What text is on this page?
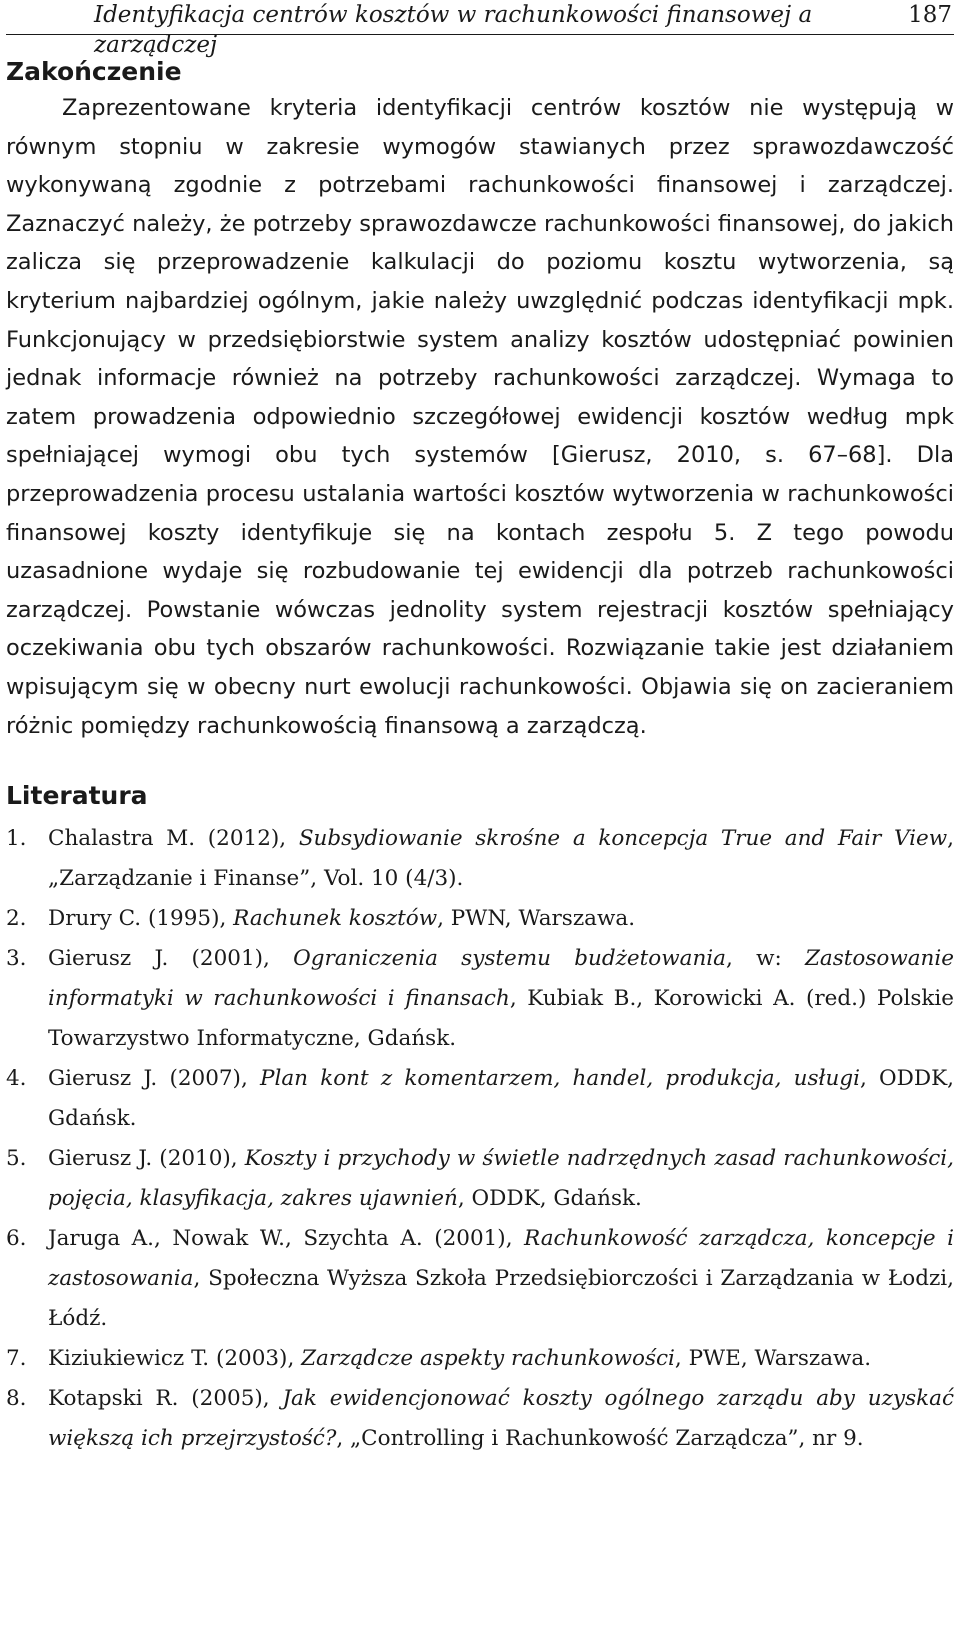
Identyfikacja centrów kosztów w rachunkowości finansowej a zarządczej
187
Zakończenie

Zaprezentowane kryteria identyfikacji centrów kosztów nie występują w równym stopniu w zakresie wymogów stawianych przez sprawozdawczość wykonywaną zgodnie z potrzebami rachunkowości finansowej i zarządczej. Zaznaczyć należy, że potrzeby sprawozdawcze rachunkowości finansowej, do jakich zalicza się przeprowadzenie kalkulacji do poziomu kosztu wytworzenia, są kryterium najbardziej ogólnym, jakie należy uwzględnić podczas identyfikacji mpk. Funkcjonujący w przedsiębiorstwie system analizy kosztów udostępniać powinien jednak informacje również na potrzeby rachunkowości zarządczej. Wymaga to zatem prowadzenia odpowiednio szczegółowej ewidencji kosztów według mpk spełniającej wymogi obu tych systemów [Gierusz, 2010, s. 67–68]. Dla przeprowadzenia procesu ustalania wartości kosztów wytworzenia w rachunkowości finansowej koszty identyfikuje się na kontach zespołu 5. Z tego powodu uzasadnione wydaje się rozbudowanie tej ewidencji dla potrzeb rachunkowości zarządczej. Powstanie wówczas jednolity system rejestracji kosztów spełniający oczekiwania obu tych obszarów rachunkowości. Rozwiązanie takie jest działaniem wpisującym się w obecny nurt ewolucji rachunkowości. Objawia się on zacieraniem różnic pomiędzy rachunkowością finansową a zarządczą.

Literatura
1. Chalastra M. (2012), Subsydiowanie skrośne a koncepcja True and Fair View, „Zarządzanie i Finanse”, Vol. 10 (4/3).
2. Drury C. (1995), Rachunek kosztów, PWN, Warszawa.
3. Gierusz J. (2001), Ograniczenia systemu budżetowania, w: Zastosowanie informatyki w rachunkowości i finansach, Kubiak B., Korowicki A. (red.) Polskie Towarzystwo Informatyczne, Gdańsk.
4. Gierusz J. (2007), Plan kont z komentarzem, handel, produkcja, usługi, ODDK, Gdańsk.
5. Gierusz J. (2010), Koszty i przychody w świetle nadrzędnych zasad rachunkowości, pojęcia, klasyfikacja, zakres ujawnień, ODDK, Gdańsk.
6. Jaruga A., Nowak W., Szychta A. (2001), Rachunkowość zarządcza, koncepcje i zastosowania, Społeczna Wyższa Szkoła Przedsiębiorczości i Zarządzania w Łodzi, Łódź.
7. Kiziukiewicz T. (2003), Zarządcze aspekty rachunkowości, PWE, Warszawa.
8. Kotapski R. (2005), Jak ewidencjonować koszty ogólnego zarządu aby uzyskać większą ich przejrzystość?, „Controlling i Rachunkowość Zarządcza”, nr 9.
